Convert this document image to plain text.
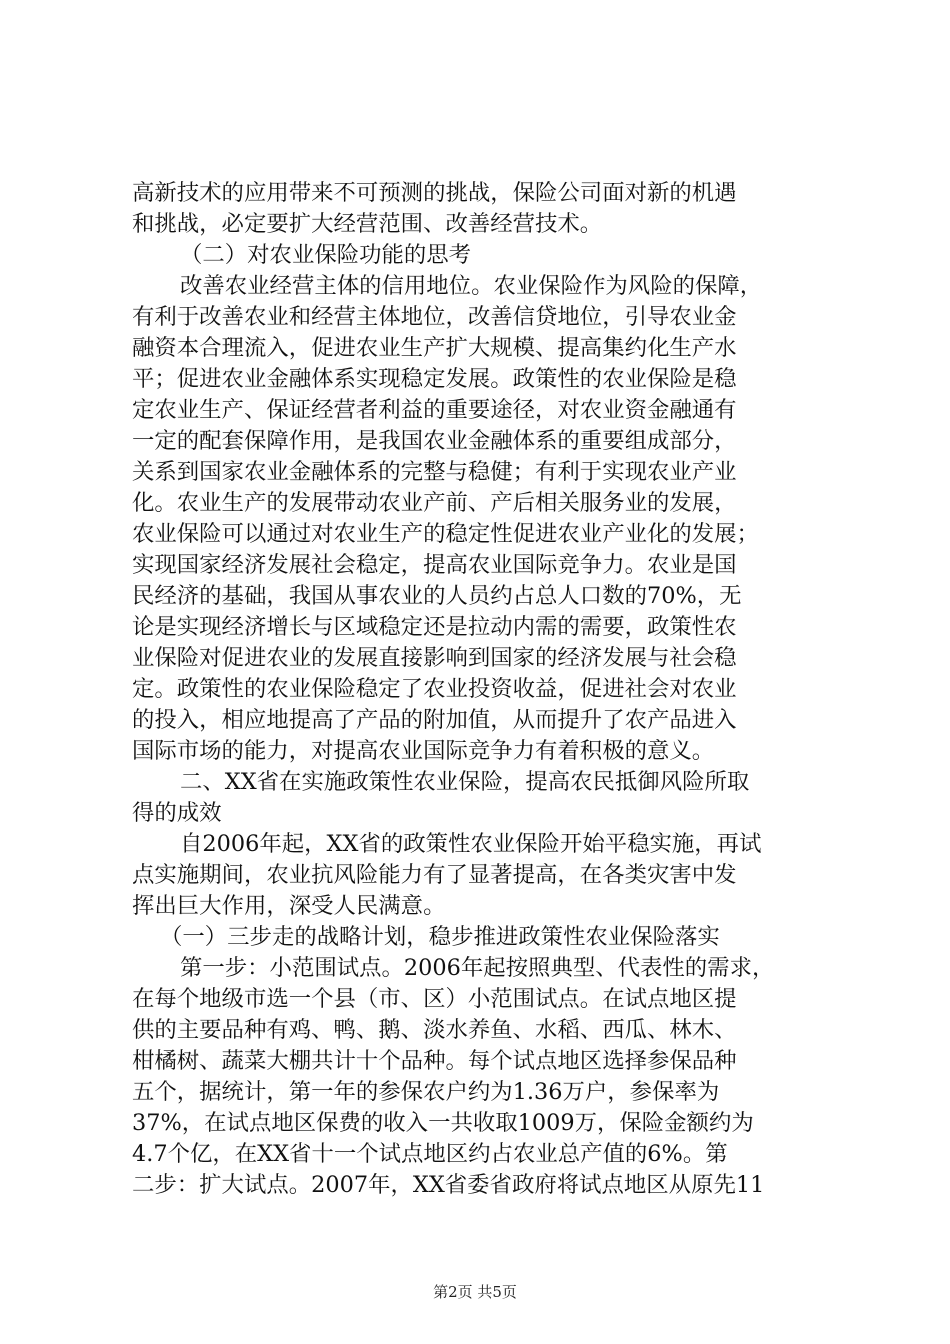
高新技术的应用带来不可预测的挑战，保险公司面对新的机遇
和挑战，必定要扩大经营范围、改善经营技术。
（二）对农业保险功能的思考
改善农业经营主体的信用地位。农业保险作为风险的保障，
有利于改善农业和经营主体地位，改善信贷地位，引导农业金
融资本合理流入，促进农业生产扩大规模、提高集约化生产水
平；促进农业金融体系实现稳定发展。政策性的农业保险是稳
定农业生产、保证经营者利益的重要途径，对农业资金融通有
一定的配套保障作用，是我国农业金融体系的重要组成部分，
关系到国家农业金融体系的完整与稳健；有利于实现农业产业
化。农业生产的发展带动农业产前、产后相关服务业的发展，
农业保险可以通过对农业生产的稳定性促进农业产业化的发展；
实现国家经济发展社会稳定，提高农业国际竞争力。农业是国
民经济的基础，我国从事农业的人员约占总人口数的70%，无
论是实现经济增长与区域稳定还是拉动内需的需要，政策性农
业保险对促进农业的发展直接影响到国家的经济发展与社会稳
定。政策性的农业保险稳定了农业投资收益，促进社会对农业
的投入，相应地提高了产品的附加值，从而提升了农产品进入
国际市场的能力，对提高农业国际竞争力有着积极的意义。
二、XX省在实施政策性农业保险，提高农民抵御风险所取
得的成效
自2006年起，XX省的政策性农业保险开始平稳实施，再试
点实施期间，农业抗风险能力有了显著提高，在各类灾害中发
挥出巨大作用，深受人民满意。
（一）三步走的战略计划，稳步推进政策性农业保险落实
第一步：小范围试点。2006年起按照典型、代表性的需求，
在每个地级市选一个县（市、区）小范围试点。在试点地区提
供的主要品种有鸡、鸭、鹅、淡水养鱼、水稻、西瓜、林木、
柑橘树、蔬菜大棚共计十个品种。每个试点地区选择参保品种
五个，据统计，第一年的参保农户约为1.36万户，参保率为
37%，在试点地区保费的收入一共收取1009万，保险金额约为
4.7个亿，在XX省十一个试点地区约占农业总产值的6%。第
二步：扩大试点。2007年，XX省委省政府将试点地区从原先11
第2页 共5页
